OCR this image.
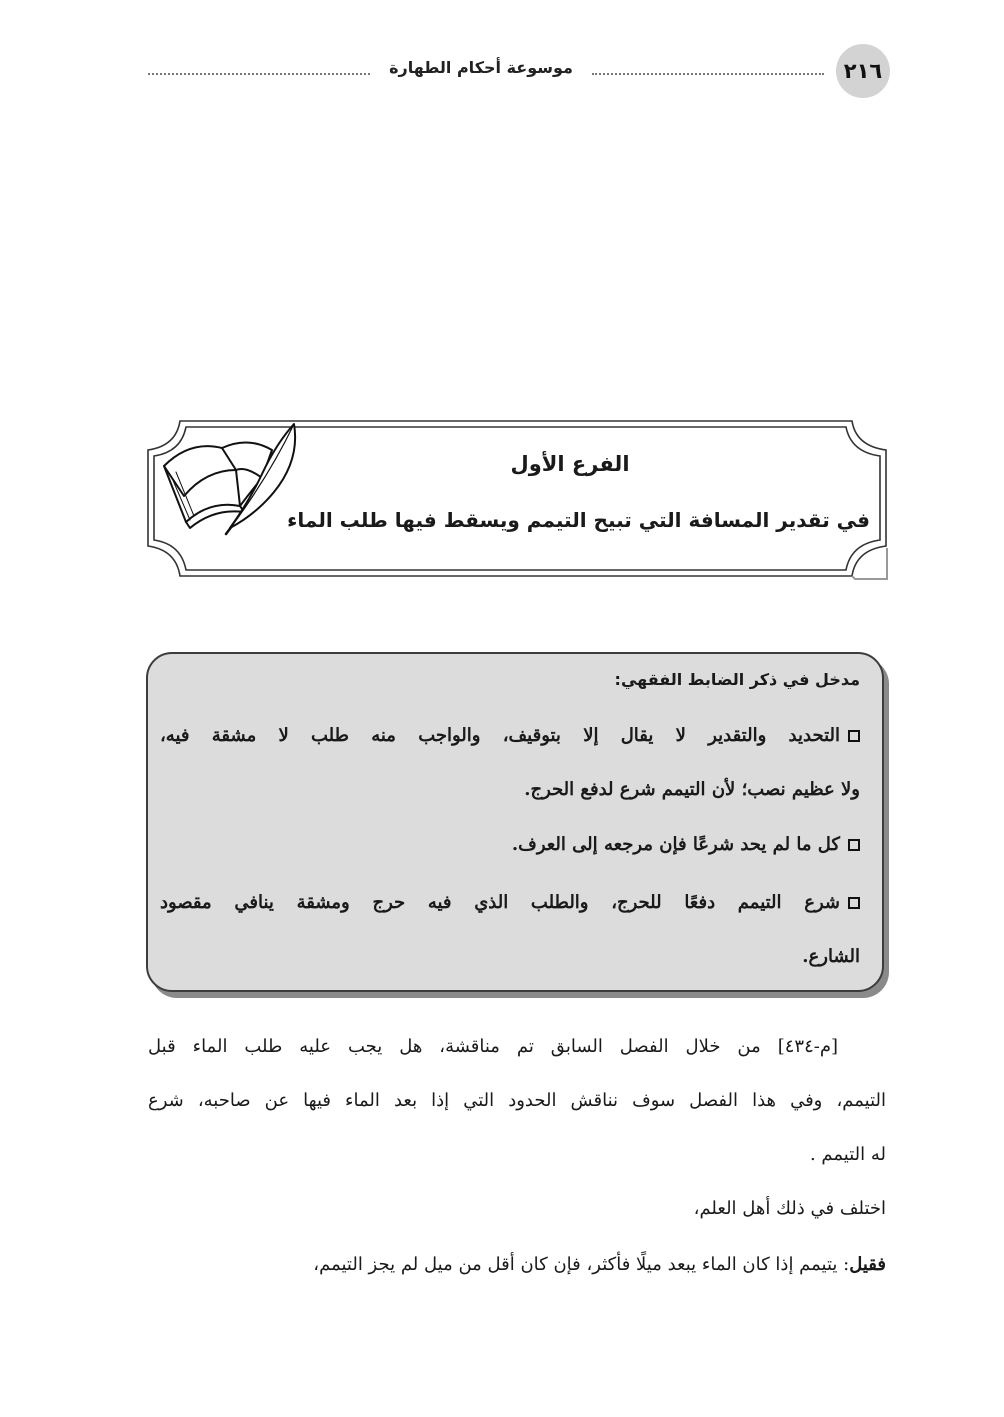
موسوعة أحكام الطهارة	٢١٦
الفرع الأول
في تقدير المسافة التي تبيح التيمم ويسقط فيها طلب الماء
مدخل في ذكر الضابط الفقهي:
التحديد والتقدير لا يقال إلا بتوقيف، والواجب منه طلب لا مشقة فيه،
ولا عظيم نصب؛ لأن التيمم شرع لدفع الحرج.
كل ما لم يحد شرعًا فإن مرجعه إلى العرف.
شرع التيمم دفعًا للحرج، والطلب الذي فيه حرج ومشقة ينافي مقصود
الشارع.
[م-٤٣٤] من خلال الفصل السابق تم مناقشة، هل يجب عليه طلب الماء قبل
التيمم، وفي هذا الفصل سوف نناقش الحدود التي إذا بعد الماء فيها عن صاحبه، شرع
له التيمم .
اختلف في ذلك أهل العلم،
فقيل: يتيمم إذا كان الماء يبعد ميلًا فأكثر، فإن كان أقل من ميل لم يجز التيمم،
